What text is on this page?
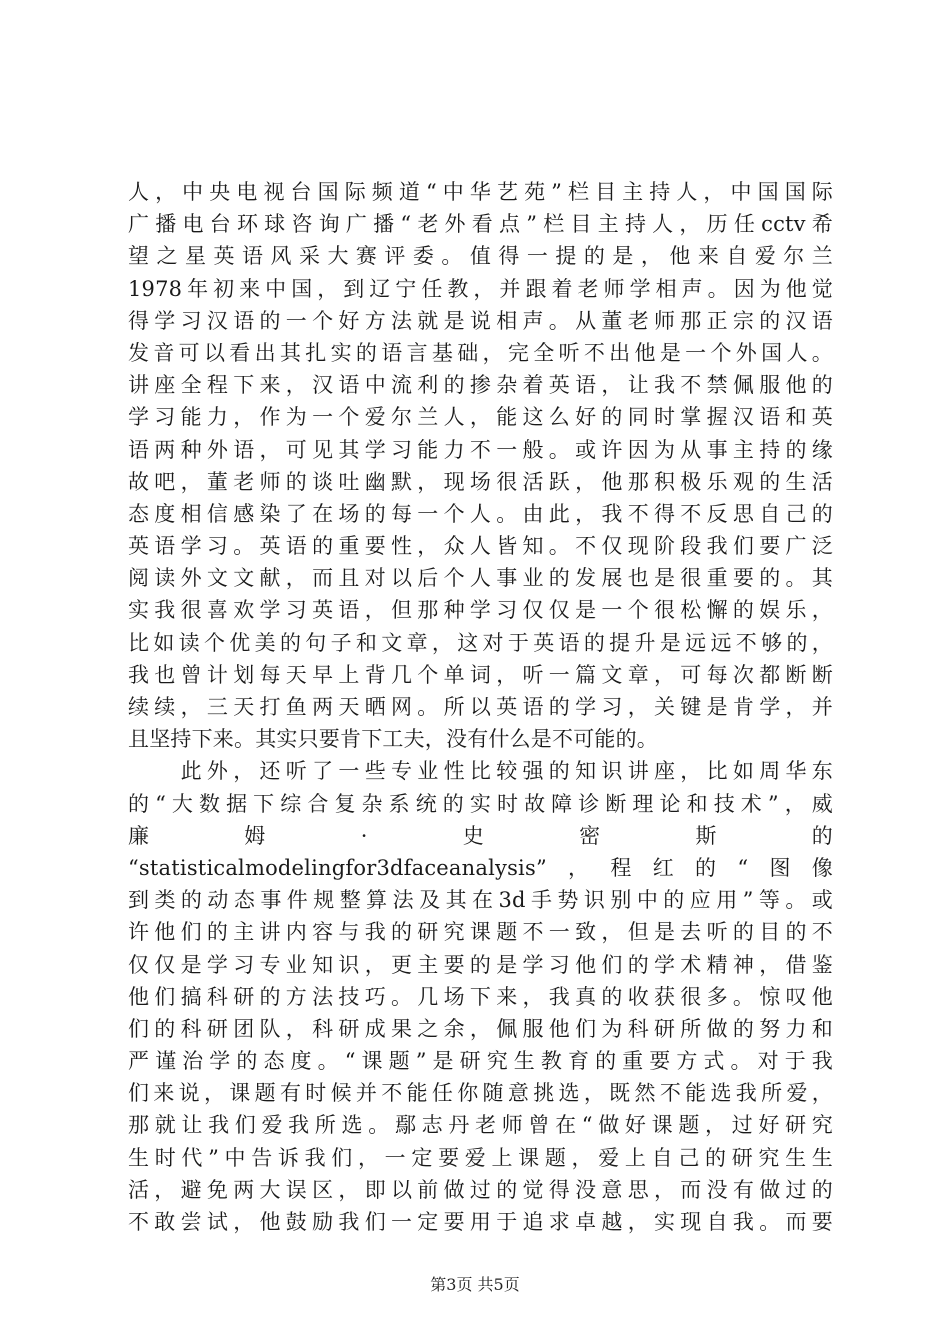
人，中央电视台国际频道“中华艺苑”栏目主持人，中国国际
广播电台环球咨询广播“老外看点”栏目主持人，历任cctv希
望之星英语风采大赛评委。值得一提的是，他来自爱尔兰
1978年初来中国，到辽宁任教，并跟着老师学相声。因为他觉
得学习汉语的一个好方法就是说相声。从董老师那正宗的汉语
发音可以看出其扎实的语言基础，完全听不出他是一个外国人。
讲座全程下来，汉语中流利的掺杂着英语，让我不禁佩服他的
学习能力，作为一个爱尔兰人，能这么好的同时掌握汉语和英
语两种外语，可见其学习能力不一般。或许因为从事主持的缘
故吧，董老师的谈吐幽默，现场很活跃，他那积极乐观的生活
态度相信感染了在场的每一个人。由此，我不得不反思自己的
英语学习。英语的重要性，众人皆知。不仅现阶段我们要广泛
阅读外文文献，而且对以后个人事业的发展也是很重要的。其
实我很喜欢学习英语，但那种学习仅仅是一个很松懈的娱乐，
比如读个优美的句子和文章，这对于英语的提升是远远不够的，
我也曾计划每天早上背几个单词，听一篇文章，可每次都断断
续续，三天打鱼两天晒网。所以英语的学习，关键是肯学，并
且坚持下来。其实只要肯下工夫，没有什么是不可能的。
　　此外，还听了一些专业性比较强的知识讲座，比如周华东
的“大数据下综合复杂系统的实时故障诊断理论和技术”，威
廉　　　　姆　　　　·　　　　史　　　　密　　　　斯　　　　的
“statisticalmodelingfor3dfaceanalysis”，程红的“图像
到类的动态事件规整算法及其在3d手势识别中的应用”等。或
许他们的主讲内容与我的研究课题不一致，但是去听的目的不
仅仅是学习专业知识，更主要的是学习他们的学术精神，借鉴
他们搞科研的方法技巧。几场下来，我真的收获很多。惊叹他
们的科研团队，科研成果之余，佩服他们为科研所做的努力和
严谨治学的态度。“课题”是研究生教育的重要方式。对于我
们来说，课题有时候并不能任你随意挑选，既然不能选我所爱，
那就让我们爱我所选。鄢志丹老师曾在“做好课题，过好研究
生时代”中告诉我们，一定要爱上课题，爱上自己的研究生生
活，避免两大误区，即以前做过的觉得没意思，而没有做过的
不敢尝试，他鼓励我们一定要用于追求卓越，实现自我。而要
第3页 共5页
